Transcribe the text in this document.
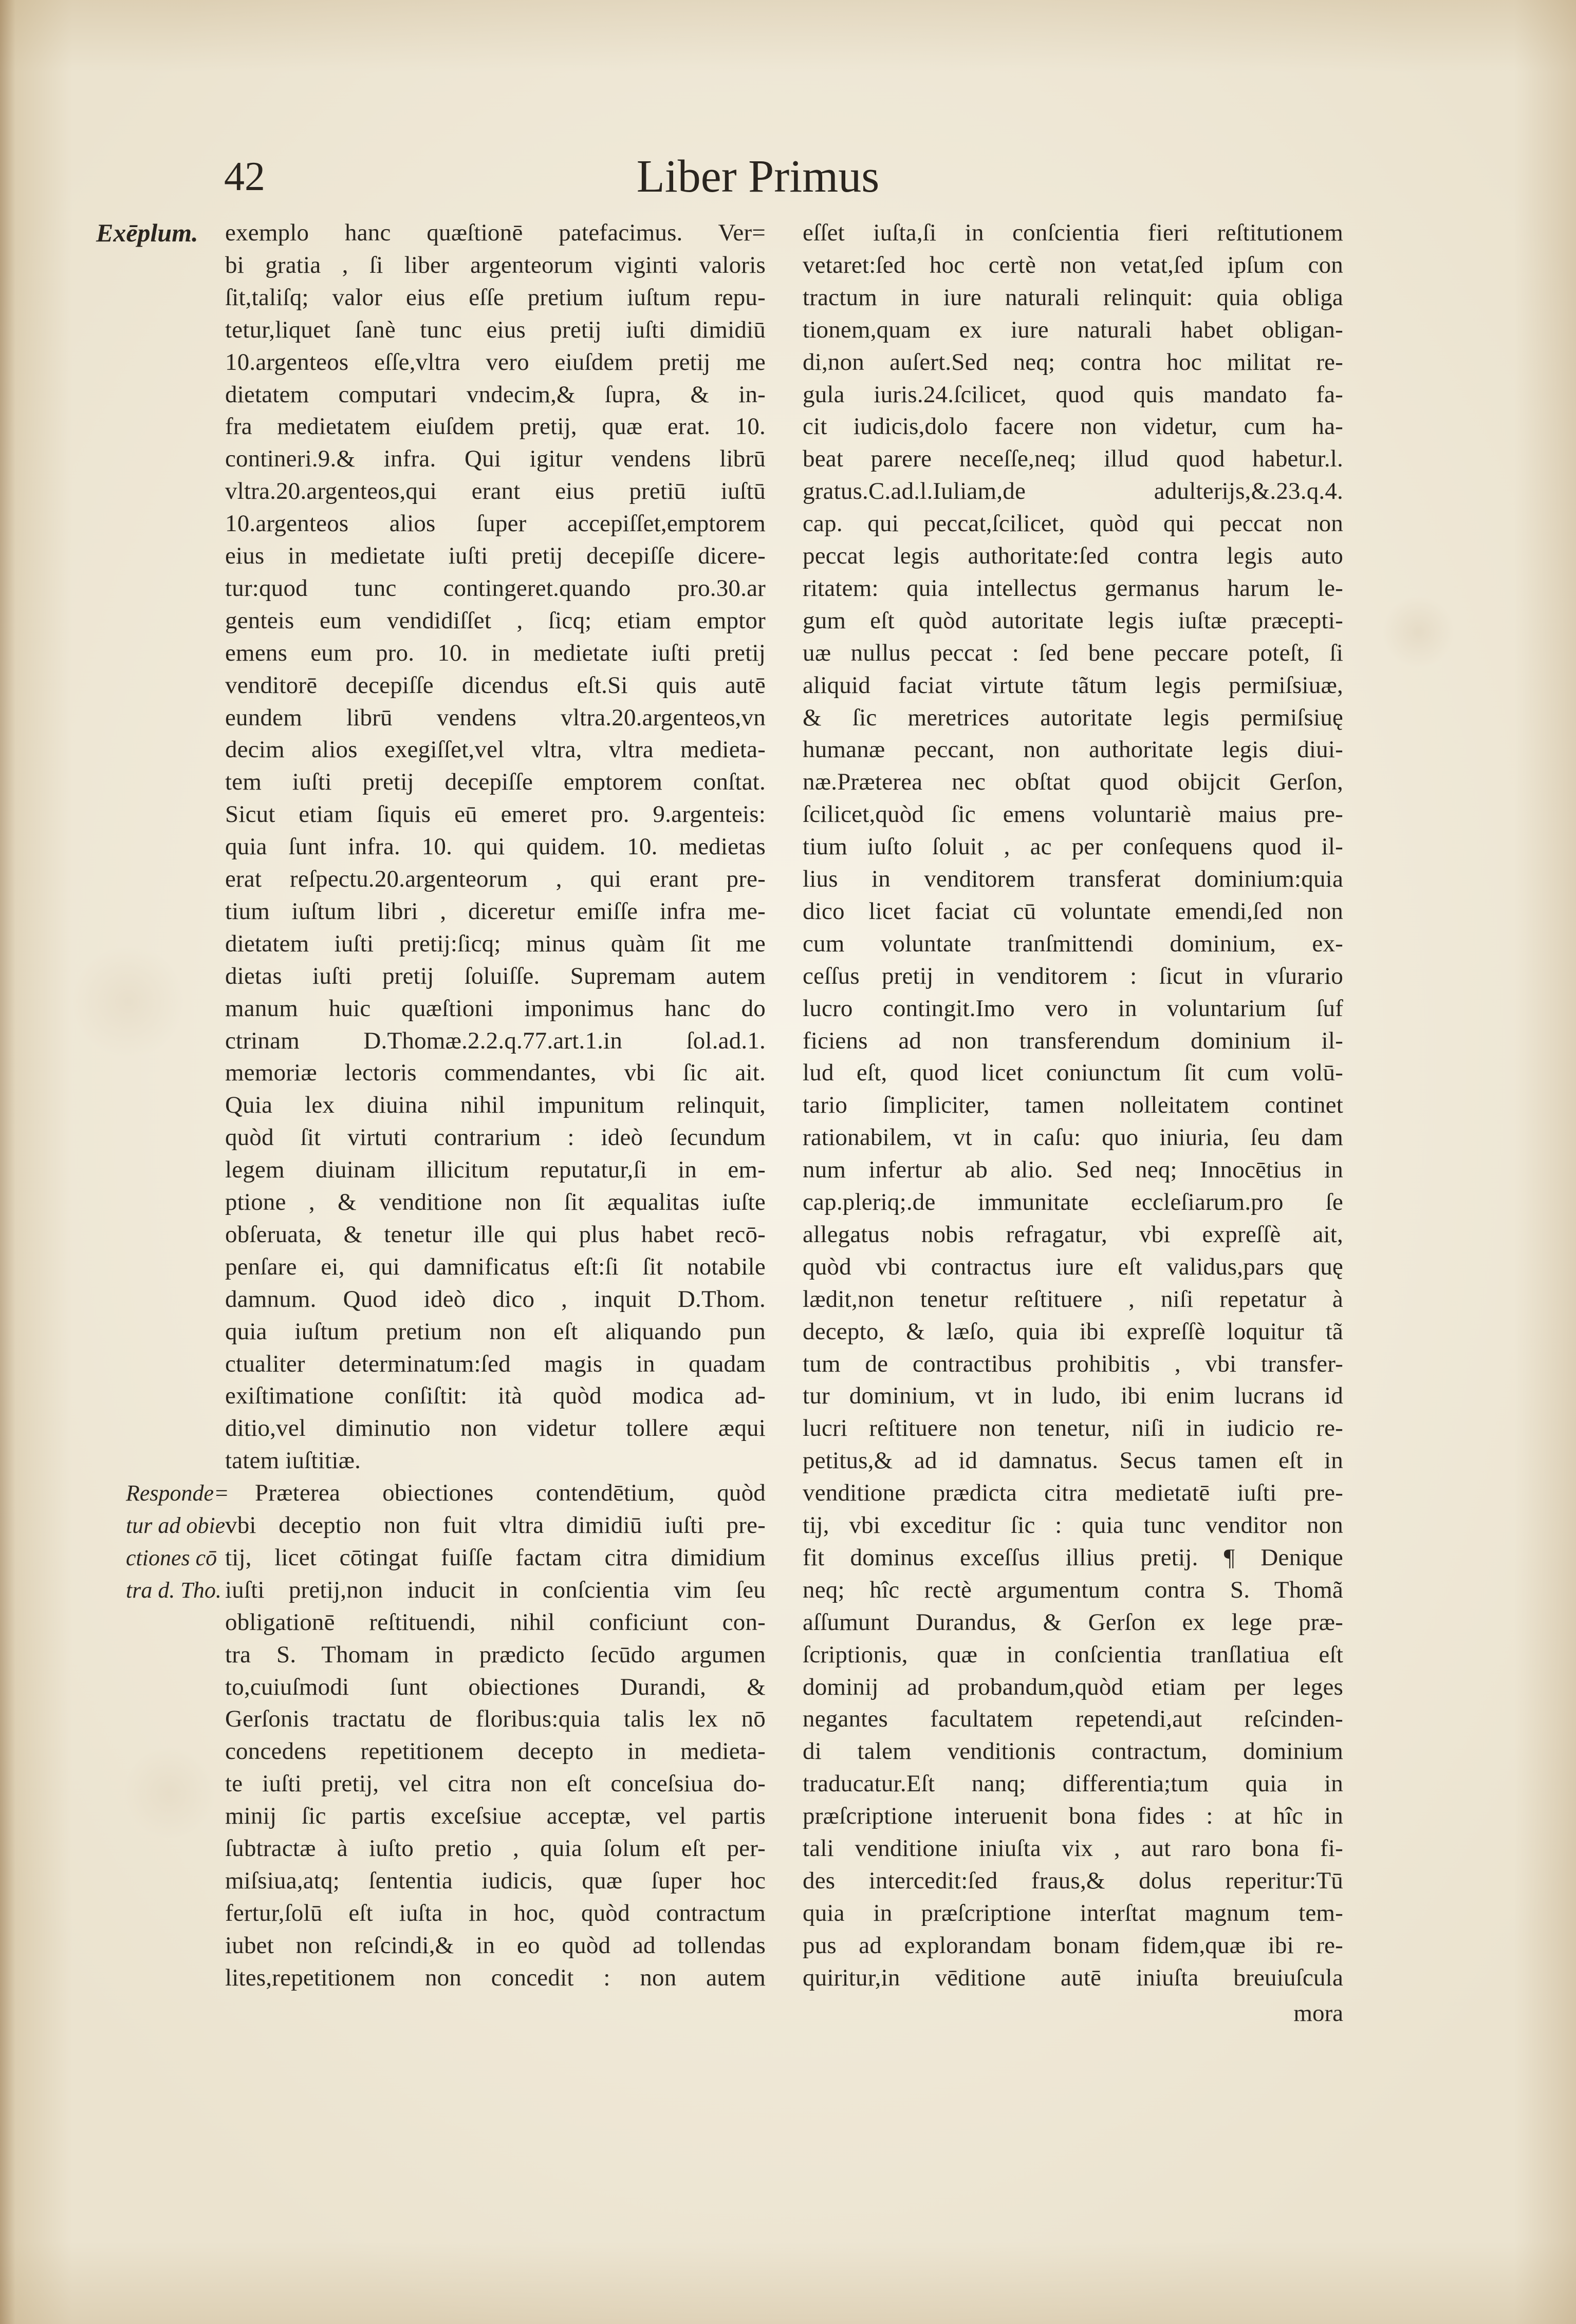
42	Liber Primus
Exēplum.
Responde=
tur ad obie
ctiones cō
tra d. Tho.
exemplo hanc quæſtionē patefacimus. Ver=
bi gratia , ſi liber argenteorum viginti valoris
ſit,taliſq; valor eius eſſe pretium iuſtum repu-
tetur,liquet ſanè tunc eius pretij iuſti dimidiū
10.argenteos eſſe,vltra vero eiuſdem pretij me
dietatem computari vndecim,& ſupra, & in-
fra medietatem eiuſdem pretij, quæ erat. 10.
contineri.9.& infra. Qui igitur vendens librū
vltra.20.argenteos,qui erant eius pretiū iuſtū
10.argenteos alios ſuper accepiſſet,emptorem
eius in medietate iuſti pretij decepiſſe dicere-
tur:quod tunc contingeret.quando pro.30.ar
genteis eum vendidiſſet , ſicq; etiam emptor
emens eum pro. 10. in medietate iuſti pretij
venditorē decepiſſe dicendus eſt.Si quis autē
eundem librū vendens vltra.20.argenteos,vn
decim alios exegiſſet,vel vltra, vltra medieta-
tem iuſti pretij decepiſſe emptorem conſtat.
Sicut etiam ſiquis eū emeret pro. 9.argenteis:
quia ſunt infra. 10. qui quidem. 10. medietas
erat reſpectu.20.argenteorum , qui erant pre-
tium iuſtum libri , diceretur emiſſe infra me-
dietatem iuſti pretij:ſicq; minus quàm ſit me
dietas iuſti pretij ſoluiſſe. Supremam autem
manum huic quæſtioni imponimus hanc do
ctrinam D.Thomæ.2.2.q.77.art.1.in ſol.ad.1.
memoriæ lectoris commendantes, vbi ſic ait.
Quia lex diuina nihil impunitum relinquit,
quòd ſit virtuti contrarium : ideò ſecundum
legem diuinam illicitum reputatur,ſi in em-
ptione , & venditione non ſit æqualitas iuſte
obſeruata, & tenetur ille qui plus habet recō-
penſare ei, qui damnificatus eſt:ſi ſit notabile
damnum. Quod ideò dico , inquit D.Thom.
quia iuſtum pretium non eſt aliquando pun
ctualiter determinatum:ſed magis in quadam
exiſtimatione conſiſtit: ità quòd modica ad-
ditio,vel diminutio non videtur tollere æqui
tatem iuſtitiæ.
Præterea obiectiones contendētium, quòd
vbi deceptio non fuit vltra dimidiū iuſti pre-
tij, licet cōtingat fuiſſe factam citra dimidium
iuſti pretij,non inducit in conſcientia vim ſeu
obligationē reſtituendi, nihil conficiunt con-
tra S. Thomam in prædicto ſecūdo argumen
to,cuiuſmodi ſunt obiectiones Durandi, &
Gerſonis tractatu de floribus:quia talis lex nō
concedens repetitionem decepto in medieta-
te iuſti pretij, vel citra non eſt conceſsiua do-
minij ſic partis exceſsiue acceptæ, vel partis
ſubtractæ à iuſto pretio , quia ſolum eſt per-
miſsiua,atq; ſententia iudicis, quæ ſuper hoc
fertur,ſolū eſt iuſta in hoc, quòd contractum
iubet non reſcindi,& in eo quòd ad tollendas
lites,repetitionem non concedit : non autem
mora
eſſet iuſta,ſi in conſcientia fieri reſtitutionem
vetaret:ſed hoc certè non vetat,ſed ipſum con
tractum in iure naturali relinquit: quia obliga
tionem,quam ex iure naturali habet obligan-
di,non auſert.Sed neq; contra hoc militat re-
gula iuris.24.ſcilicet, quod quis mandato fa-
cit iudicis,dolo facere non videtur, cum ha-
beat parere neceſſe,neq; illud quod habetur.l.
gratus.C.ad.l.Iuliam,de adulterijs,&.23.q.4.
cap. qui peccat,ſcilicet, quòd qui peccat non
peccat legis authoritate:ſed contra legis auto
ritatem: quia intellectus germanus harum le-
gum eſt quòd autoritate legis iuſtæ præcepti-
uæ nullus peccat : ſed bene peccare poteſt, ſi
aliquid faciat virtute tãtum legis permiſsiuæ,
& ſic meretrices autoritate legis permiſsiuę
humanæ peccant, non authoritate legis diui-
næ.Præterea nec obſtat quod obijcit Gerſon,
ſcilicet,quòd ſic emens voluntariè maius pre-
tium iuſto ſoluit , ac per conſequens quod il-
lius in venditorem transferat dominium:quia
dico licet faciat cū voluntate emendi,ſed non
cum voluntate tranſmittendi dominium, ex-
ceſſus pretij in venditorem : ſicut in vſurario
lucro contingit.Imo vero in voluntarium ſuf
ficiens ad non transferendum dominium il-
lud eſt, quod licet coniunctum ſit cum volū-
tario ſimpliciter, tamen nolleitatem continet
rationabilem, vt in caſu: quo iniuria, ſeu dam
num infertur ab alio. Sed neq; Innocētius in
cap.pleriq;.de immunitate eccleſiarum.pro ſe
allegatus nobis refragatur, vbi expreſſè ait,
quòd vbi contractus iure eſt validus,pars quę
lædit,non tenetur reſtituere , niſi repetatur à
decepto, & læſo, quia ibi expreſſè loquitur tã
tum de contractibus prohibitis , vbi transfer-
tur dominium, vt in ludo, ibi enim lucrans id
lucri reſtituere non tenetur, niſi in iudicio re-
petitus,& ad id damnatus. Secus tamen eſt in
venditione prædicta citra medietatē iuſti pre-
tij, vbi exceditur ſic : quia tunc venditor non
fit dominus exceſſus illius pretij. ¶ Denique
neq; hîc rectè argumentum contra S. Thomã
aſſumunt Durandus, & Gerſon ex lege præ-
ſcriptionis, quæ in conſcientia tranſlatiua eſt
dominij ad probandum,quòd etiam per leges
negantes facultatem repetendi,aut reſcinden-
di talem venditionis contractum, dominium
traducatur.Eſt nanq; differentia;tum quia in
præſcriptione interuenit bona fides : at hîc in
tali venditione iniuſta vix , aut raro bona fi-
des intercedit:ſed fraus,& dolus reperitur:Tū
quia in præſcriptione interſtat magnum tem-
pus ad explorandam bonam fidem,quæ ibi re-
quiritur,in vēditione autē iniuſta breuiuſcula
